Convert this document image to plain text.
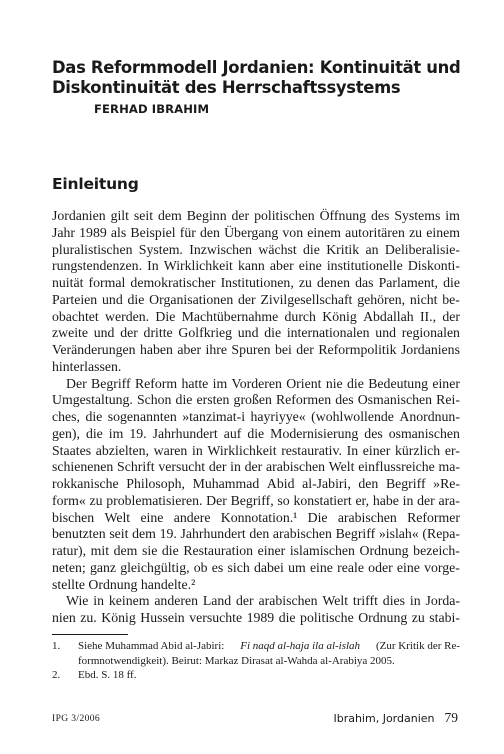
Das Reformmodell Jordanien: Kontinuität und
Diskontinuität des Herrschaftssystems
FERHAD IBRAHIM
Einleitung
Jordanien gilt seit dem Beginn der politischen Öffnung des Systems im
Jahr 1989 als Beispiel für den Übergang von einem autoritären zu einem
pluralistischen System. Inzwischen wächst die Kritik an Deliberalisie-
rungstendenzen. In Wirklichkeit kann aber eine institutionelle Diskonti-
nuität formal demokratischer Institutionen, zu denen das Parlament, die
Parteien und die Organisationen der Zivilgesellschaft gehören, nicht be-
obachtet werden. Die Machtübernahme durch König Abdallah II., der
zweite und der dritte Golfkrieg und die internationalen und regionalen
Veränderungen haben aber ihre Spuren bei der Reformpolitik Jordaniens
hinterlassen.
Der Begriff Reform hatte im Vorderen Orient nie die Bedeutung einer
Umgestaltung. Schon die ersten großen Reformen des Osmanischen Rei-
ches, die sogenannten »tanzimat-i hayriyye« (wohlwollende Anordnun-
gen), die im 19. Jahrhundert auf die Modernisierung des osmanischen
Staates abzielten, waren in Wirklichkeit restaurativ. In einer kürzlich er-
schienenen Schrift versucht der in der arabischen Welt einflussreiche ma-
rokkanische Philosoph, Muhammad Abid al-Jabiri, den Begriff »Re-
form« zu problematisieren. Der Begriff, so konstatiert er, habe in der ara-
bischen Welt eine andere Konnotation.¹ Die arabischen Reformer
benutzten seit dem 19. Jahrhundert den arabischen Begriff »islah« (Repa-
ratur), mit dem sie die Restauration einer islamischen Ordnung bezeich-
neten; ganz gleichgültig, ob es sich dabei um eine reale oder eine vorge-
stellte Ordnung handelte.²
Wie in keinem anderen Land der arabischen Welt trifft dies in Jorda-
nien zu. König Hussein versuchte 1989 die politische Ordnung zu stabi-
1. Siehe Muhammad Abid al-Jabiri: Fi naqd al-haja ila al-islah (Zur Kritik der Re-
formnotwendigkeit). Beirut: Markaz Dirasat al-Wahda al-Arabiya 2005.
2. Ebd. S. 18 ff.
IPG 3/2006	Ibrahim, Jordanien 79
